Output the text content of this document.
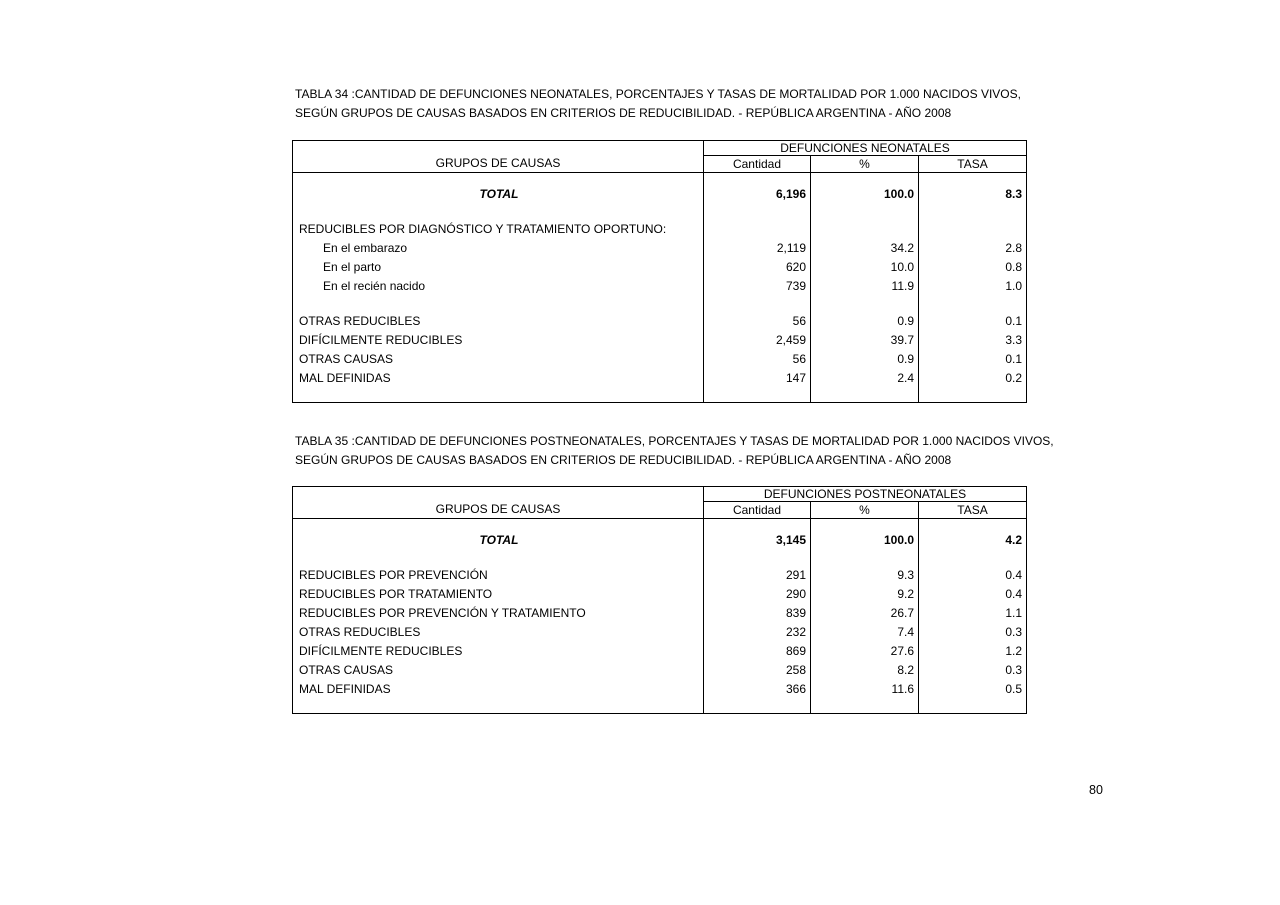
TABLA 34 :CANTIDAD DE DEFUNCIONES NEONATALES, PORCENTAJES Y TASAS DE MORTALIDAD POR 1.000 NACIDOS VIVOS,
SEGÚN GRUPOS DE CAUSAS BASADOS EN CRITERIOS DE REDUCIBILIDAD. - REPÚBLICA ARGENTINA - AÑO 2008
GRUPOS DE CAUSAS	DEFUNCIONES NEONATALES		
	Cantidad	%	TASA
TOTAL	6,196	100.0	8.3

REDUCIBLES POR DIAGNÓSTICO Y TRATAMIENTO OPORTUNO:			
En el embarazo	2,119	34.2	2.8
En el parto	620	10.0	0.8
En el recién nacido	739	11.9	1.0

OTRAS REDUCIBLES	56	0.9	0.1
DIFÍCILMENTE REDUCIBLES	2,459	39.7	3.3
OTRAS CAUSAS	56	0.9	0.1
MAL DEFINIDAS	147	2.4	0.2
TABLA 35 :CANTIDAD DE DEFUNCIONES POSTNEONATALES, PORCENTAJES Y TASAS DE MORTALIDAD POR 1.000 NACIDOS VIVOS,
SEGÚN GRUPOS DE CAUSAS BASADOS EN CRITERIOS DE REDUCIBILIDAD. - REPÚBLICA ARGENTINA - AÑO 2008
GRUPOS DE CAUSAS	DEFUNCIONES POSTNEONATALES		
	Cantidad	%	TASA
TOTAL	3,145	100.0	4.2

REDUCIBLES POR PREVENCIÓN	291	9.3	0.4
REDUCIBLES POR TRATAMIENTO	290	9.2	0.4
REDUCIBLES POR PREVENCIÓN Y TRATAMIENTO	839	26.7	1.1
OTRAS REDUCIBLES	232	7.4	0.3
DIFÍCILMENTE REDUCIBLES	869	27.6	1.2
OTRAS CAUSAS	258	8.2	0.3
MAL DEFINIDAS	366	11.6	0.5
80
